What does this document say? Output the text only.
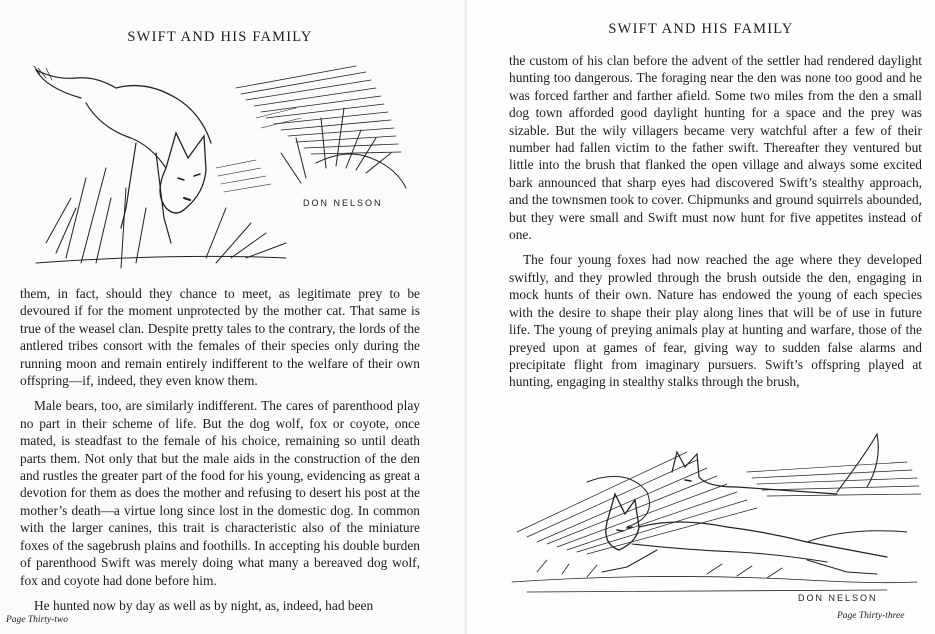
SWIFT AND HIS FAMILY
DON NELSON

them, in fact, should they chance to meet, as legitimate prey to be devoured if for the moment unprotected by the mother cat. That same is true of the weasel clan. Despite pretty tales to the contrary, the lords of the antlered tribes consort with the females of their species only during the running moon and remain entirely indifferent to the welfare of their own offspring—if, indeed, they even know them.

Male bears, too, are similarly indifferent. The cares of parenthood play no part in their scheme of life. But the dog wolf, fox or coyote, once mated, is steadfast to the female of his choice, remaining so until death parts them. Not only that but the male aids in the construction of the den and rustles the greater part of the food for his young, evidencing as great a devotion for them as does the mother and refusing to desert his post at the mother’s death—a virtue long since lost in the domestic dog. In common with the larger canines, this trait is characteristic also of the miniature foxes of the sagebrush plains and foothills. In accepting his double burden of parenthood Swift was merely doing what many a bereaved dog wolf, fox and coyote had done before him.

He hunted now by day as well as by night, as, indeed, had been

Page Thirty-two
SWIFT AND HIS FAMILY

the custom of his clan before the advent of the settler had rendered daylight hunting too dangerous. The foraging near the den was none too good and he was forced farther and farther afield. Some two miles from the den a small dog town afforded good daylight hunting for a space and the prey was sizable. But the wily villagers became very watchful after a few of their number had fallen victim to the father swift. Thereafter they ventured but little into the brush that flanked the open village and always some excited bark announced that sharp eyes had discovered Swift’s stealthy approach, and the townsmen took to cover. Chipmunks and ground squirrels abounded, but they were small and Swift must now hunt for five appetites instead of one.

The four young foxes had now reached the age where they developed swiftly, and they prowled through the brush outside the den, engaging in mock hunts of their own. Nature has endowed the young of each species with the desire to shape their play along lines that will be of use in future life. The young of preying animals play at hunting and warfare, those of the preyed upon at games of fear, giving way to sudden false alarms and precipitate flight from imaginary pursuers. Swift’s offspring played at hunting, engaging in stealthy stalks through the brush,

DON NELSON
Page Thirty-three
